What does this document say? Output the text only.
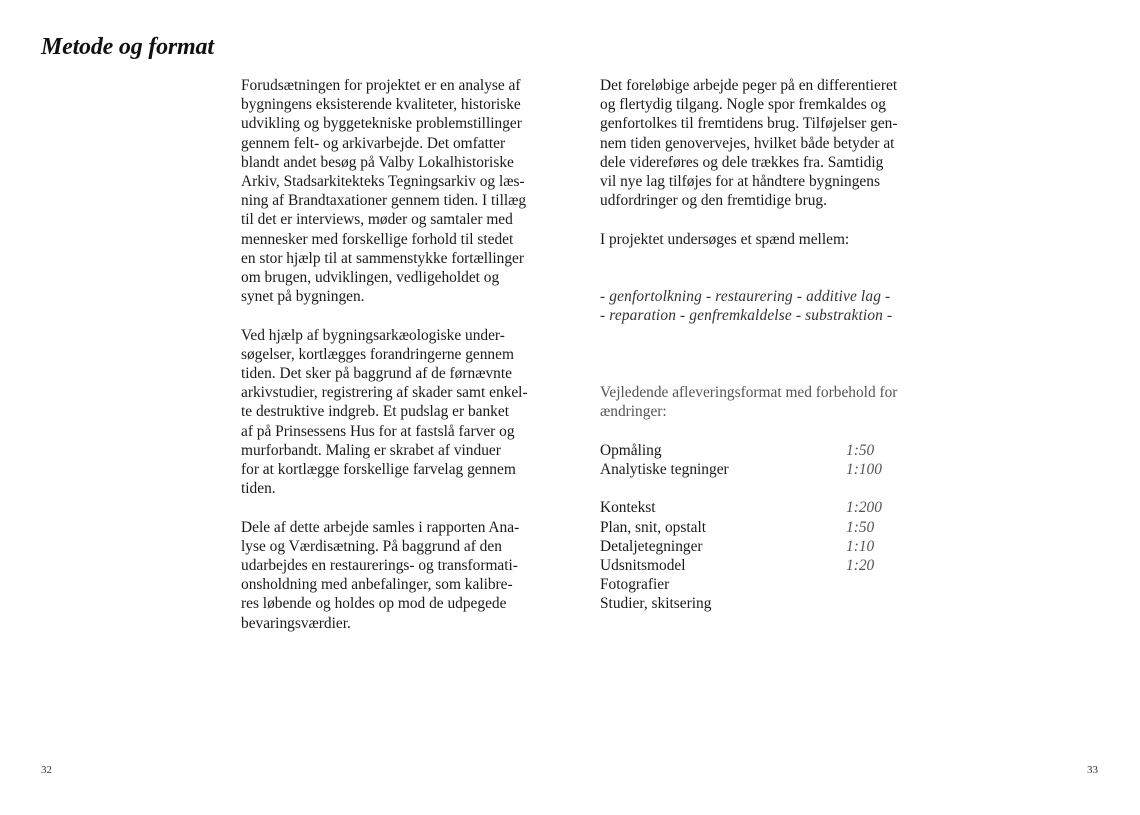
Metode og format
Forudsætningen for projektet er en analyse af
bygningens eksisterende kvaliteter, historiske
udvikling og byggetekniske problemstillinger
gennem felt- og arkivarbejde. Det omfatter
blandt andet besøg på Valby Lokalhistoriske
Arkiv, Stadsarkitekteks Tegningsarkiv og læs-
ning af Brandtaxationer gennem tiden. I tillæg
til det er interviews, møder og samtaler med
mennesker med forskellige forhold til stedet
en stor hjælp til at sammenstykke fortællinger
om brugen, udviklingen, vedligeholdet og
synet på bygningen.
Ved hjælp af bygningsarkæologiske under-
søgelser, kortlægges forandringerne gennem
tiden. Det sker på baggrund af de førnævnte
arkivstudier, registrering af skader samt enkel-
te destruktive indgreb. Et pudslag er banket
af på Prinsessens Hus for at fastslå farver og
murforbandt. Maling er skrabet af vinduer
for at kortlægge forskellige farvelag gennem
tiden.
Dele af dette arbejde samles i rapporten Ana-
lyse og Værdisætning. På baggrund af den
udarbejdes en restaurerings- og transformati-
onsholdning med anbefalinger, som kalibre-
res løbende og holdes op mod de udpegede
bevaringsværdier.
Det foreløbige arbejde peger på en differentieret
og flertydig tilgang. Nogle spor fremkaldes og
genfortolkes til fremtidens brug. Tilføjelser gen-
nem tiden genovervejes, hvilket både betyder at
dele videreføres og dele trækkes fra. Samtidig
vil nye lag tilføjes for at håndtere bygningens
udfordringer og den fremtidige brug.
I projektet undersøges et spænd mellem:
- genfortolkning - restaurering - additive lag -
- reparation - genfremkaldelse - substraktion -
Vejledende afleveringsformat med forbehold for
ændringer:
Opmåling	1:50
Analytiske tegninger	1:100
Kontekst	1:200
Plan, snit, opstalt	1:50
Detaljetegninger	1:10
Udsnitsmodel	1:20
Fotografier
Studier, skitsering
32	33
